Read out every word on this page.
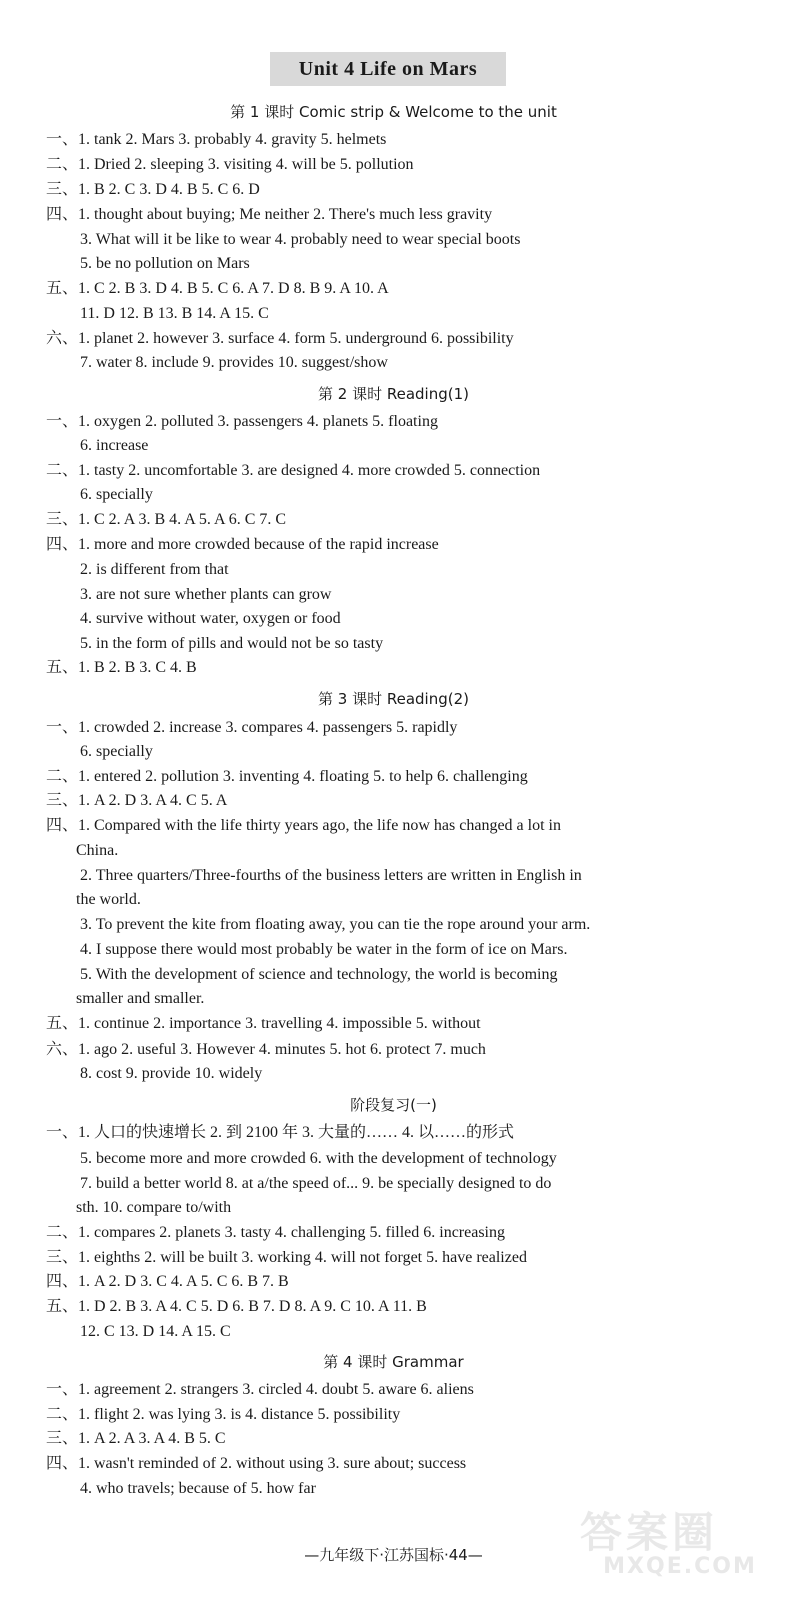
Unit 4 Life on Mars
第 1 课时 Comic strip & Welcome to the unit
一、1. tank 2. Mars 3. probably 4. gravity 5. helmets
二、1. Dried 2. sleeping 3. visiting 4. will be 5. pollution
三、1. B 2. C 3. D 4. B 5. C 6. D
四、1. thought about buying; Me neither 2. There's much less gravity
3. What will it be like to wear 4. probably need to wear special boots
5. be no pollution on Mars
五、1. C 2. B 3. D 4. B 5. C 6. A 7. D 8. B 9. A 10. A
11. D 12. B 13. B 14. A 15. C
六、1. planet 2. however 3. surface 4. form 5. underground 6. possibility
7. water 8. include 9. provides 10. suggest/show
第 2 课时 Reading(1)
一、1. oxygen 2. polluted 3. passengers 4. planets 5. floating
6. increase
二、1. tasty 2. uncomfortable 3. are designed 4. more crowded 5. connection
6. specially
三、1. C 2. A 3. B 4. A 5. A 6. C 7. C
四、1. more and more crowded because of the rapid increase
2. is different from that
3. are not sure whether plants can grow
4. survive without water, oxygen or food
5. in the form of pills and would not be so tasty
五、1. B 2. B 3. C 4. B
第 3 课时 Reading(2)
一、1. crowded 2. increase 3. compares 4. passengers 5. rapidly
6. specially
二、1. entered 2. pollution 3. inventing 4. floating 5. to help 6. challenging
三、1. A 2. D 3. A 4. C 5. A
四、1. Compared with the life thirty years ago, the life now has changed a lot in
China.
2. Three quarters/Three-fourths of the business letters are written in English in
the world.
3. To prevent the kite from floating away, you can tie the rope around your arm.
4. I suppose there would most probably be water in the form of ice on Mars.
5. With the development of science and technology, the world is becoming
smaller and smaller.
五、1. continue 2. importance 3. travelling 4. impossible 5. without
六、1. ago 2. useful 3. However 4. minutes 5. hot 6. protect 7. much
8. cost 9. provide 10. widely
阶段复习(一)
一、1. 人口的快速增长 2. 到 2100 年 3. 大量的…… 4. 以……的形式
5. become more and more crowded 6. with the development of technology
7. build a better world 8. at a/the speed of... 9. be specially designed to do
sth. 10. compare to/with
二、1. compares 2. planets 3. tasty 4. challenging 5. filled 6. increasing
三、1. eighths 2. will be built 3. working 4. will not forget 5. have realized
四、1. A 2. D 3. C 4. A 5. C 6. B 7. B
五、1. D 2. B 3. A 4. C 5. D 6. B 7. D 8. A 9. C 10. A 11. B
12. C 13. D 14. A 15. C
第 4 课时 Grammar
一、1. agreement 2. strangers 3. circled 4. doubt 5. aware 6. aliens
二、1. flight 2. was lying 3. is 4. distance 5. possibility
三、1. A 2. A 3. A 4. B 5. C
四、1. wasn't reminded of 2. without using 3. sure about; success
4. who travels; because of 5. how far
—九年级下·江苏国标·44—	答案圈
MXQE.COM
